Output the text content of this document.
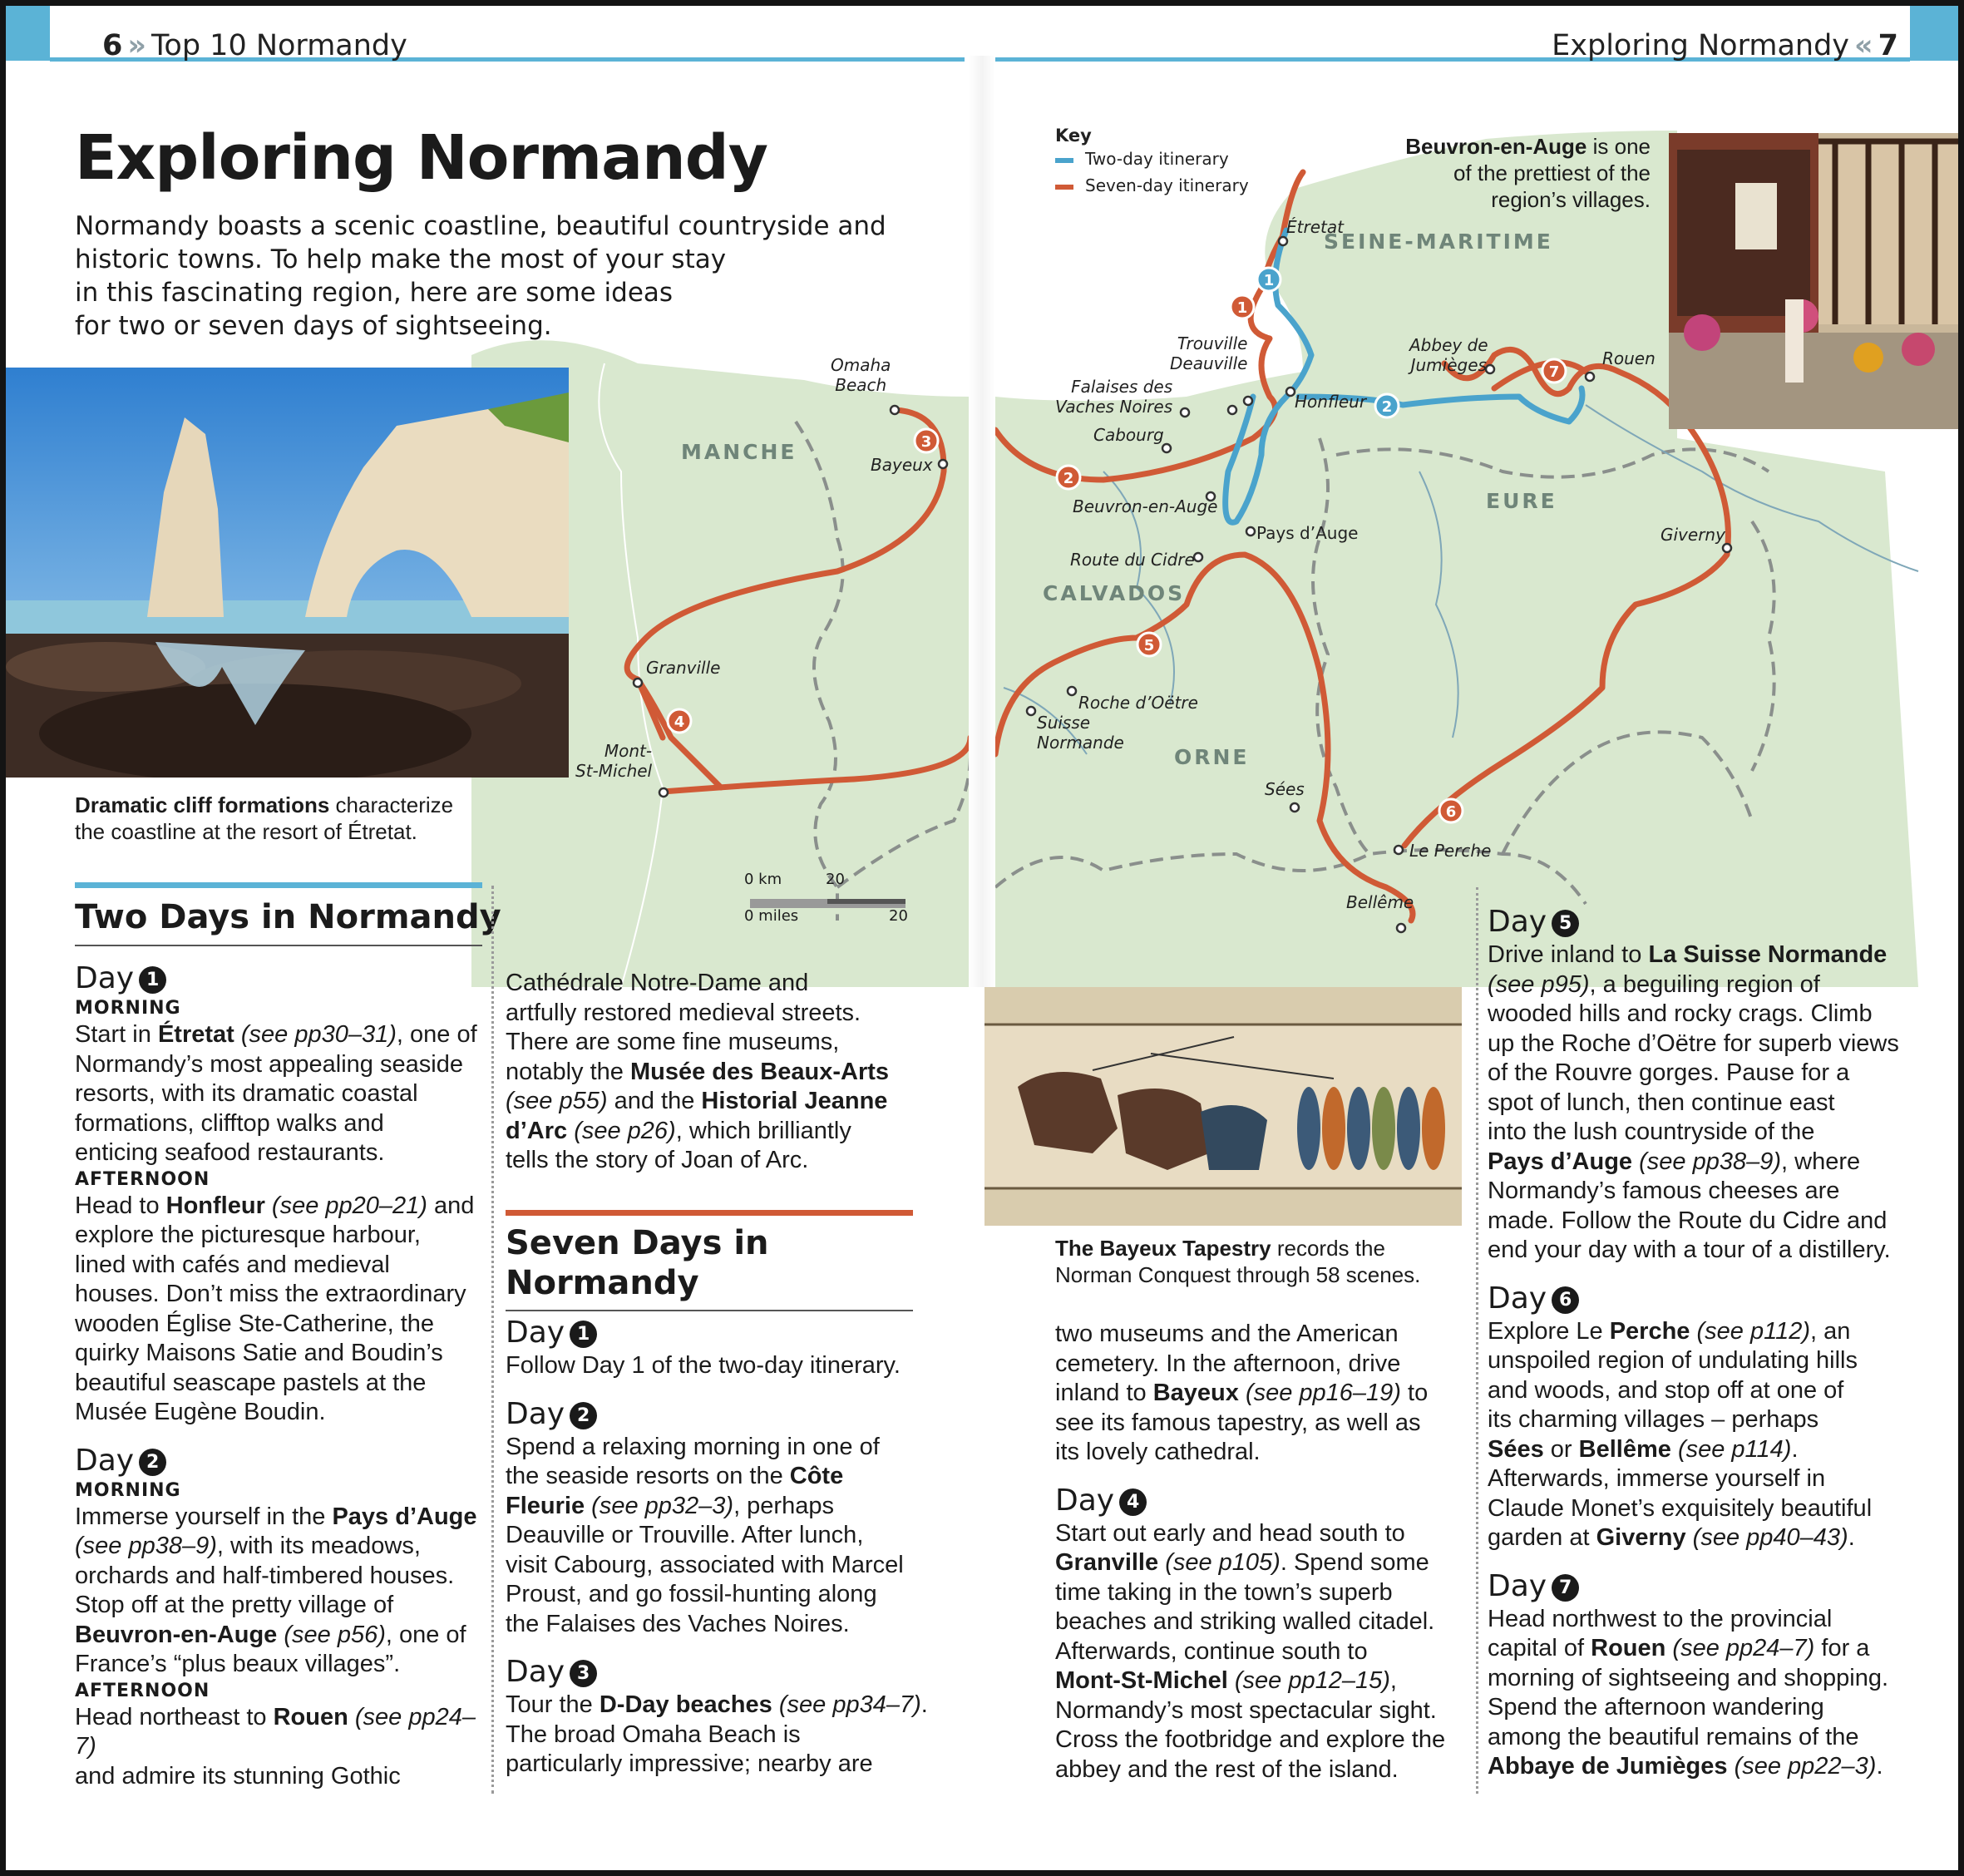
6 » Top 10 Normandy	Exploring Normandy « 7
1
1
2
2
3
4
5
6
7
MANCHE
CALVADOS
SEINE-MARITIME
EURE
ORNE
Omaha
Beach
Bayeux
Granville
Mont-
St-Michel
Étretat
Trouville
Deauville
Falaises des
Vaches Noires	Honfleur
Cabourg
Beuvron-en-Auge
Pays d’Auge
Route du Cidre
Abbey de
Jumièges	Rouen
Giverny
Roche d’Oëtre
Suisse
Normande
Sées
Le Perche
Bellême
0 km	20
0 miles	20
Key
Two-day itinerary
Seven-day itinerary
Exploring Normandy
Normandy boasts a scenic coastline, beautiful countryside and
historic towns. To help make the most of your stay
in this fascinating region, here are some ideas
for two or seven days of sightseeing.
Dramatic cliff formations characterize
the coastline at the resort of Étretat.
Beuvron-en-Auge is one
of the prettiest of the
region’s villages.
The Bayeux Tapestry records the
Norman Conquest through 58 scenes.
Two Days in Normandy
Day 1
MORNING

Start in Étretat (see pp30–31), one of
Normandy’s most appealing seaside
resorts, with its dramatic coastal
formations, clifftop walks and
enticing seafood restaurants.

AFTERNOON

Head to Honfleur (see pp20–21) and
explore the picturesque harbour,
lined with cafés and medieval
houses. Don’t miss the extraordinary
wooden Église Ste-Catherine, the
quirky Maisons Satie and Boudin’s
beautiful seascape pastels at the
Musée Eugène Boudin.

Day 2
MORNING

Immerse yourself in the Pays d’Auge
(see pp38–9), with its meadows,
orchards and half-timbered houses.
Stop off at the pretty village of
Beuvron-en-Auge (see p56), one of
France’s “plus beaux villages”.

AFTERNOON

Head northeast to Rouen (see pp24–7)
and admire its stunning Gothic

Cathédrale Notre-Dame and
artfully restored medieval streets.
There are some fine museums,
notably the Musée des Beaux-Arts
(see p55) and the Historial Jeanne
d’Arc (see p26), which brilliantly
tells the story of Joan of Arc.

Seven Days in
Normandy
Day 1

Follow Day 1 of the two-day itinerary.

Day 2

Spend a relaxing morning in one of
the seaside resorts on the Côte
Fleurie (see pp32–3), perhaps
Deauville or Trouville. After lunch,
visit Cabourg, associated with Marcel
Proust, and go fossil-hunting along
the Falaises des Vaches Noires.

Day 3

Tour the D-Day beaches (see pp34–7).
The broad Omaha Beach is
particularly impressive; nearby are

two museums and the American
cemetery. In the afternoon, drive
inland to Bayeux (see pp16–19) to
see its famous tapestry, as well as
its lovely cathedral.

Day 4

Start out early and head south to
Granville (see p105). Spend some
time taking in the town’s superb
beaches and striking walled citadel.
Afterwards, continue south to
Mont-St-Michel (see pp12–15),
Normandy’s most spectacular sight.
Cross the footbridge and explore the
abbey and the rest of the island.

Day 5

Drive inland to La Suisse Normande
(see p95), a beguiling region of
wooded hills and rocky crags. Climb
up the Roche d’Oëtre for superb views
of the Rouvre gorges. Pause for a
spot of lunch, then continue east
into the lush countryside of the
Pays d’Auge (see pp38–9), where
Normandy’s famous cheeses are
made. Follow the Route du Cidre and
end your day with a tour of a distillery.

Day 6

Explore Le Perche (see p112), an
unspoiled region of undulating hills
and woods, and stop off at one of
its charming villages – perhaps
Sées or Bellême (see p114).
Afterwards, immerse yourself in
Claude Monet’s exquisitely beautiful
garden at Giverny (see pp40–43).

Day 7

Head northwest to the provincial
capital of Rouen (see pp24–7) for a
morning of sightseeing and shopping.
Spend the afternoon wandering
among the beautiful remains of the
Abbaye de Jumièges (see pp22–3).
